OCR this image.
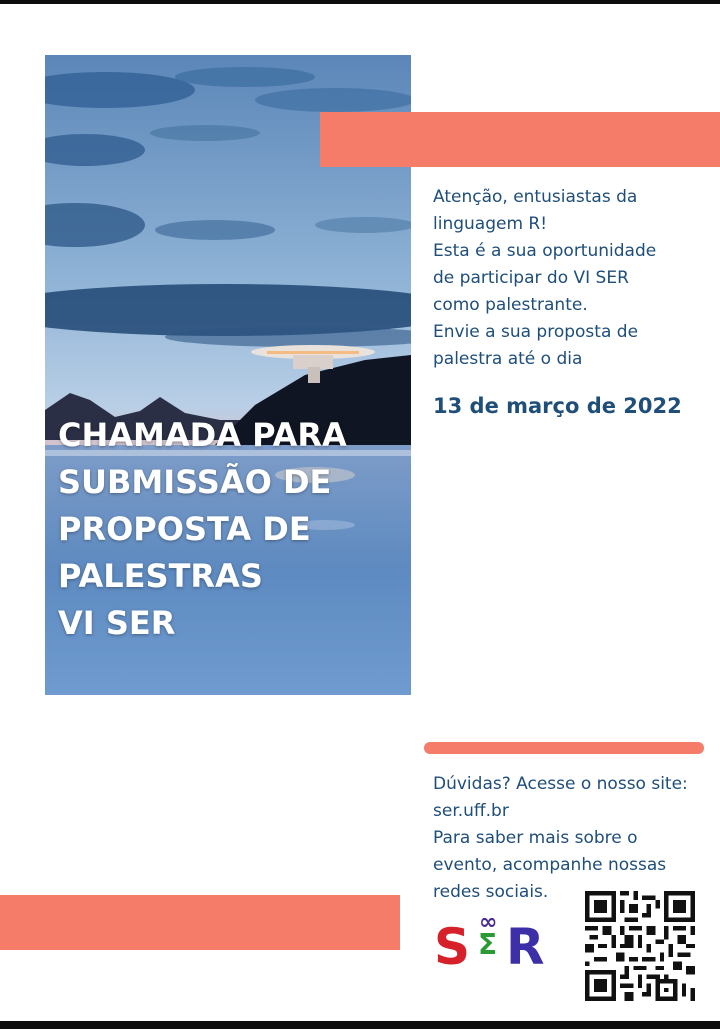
CHAMADA PARA
SUBMISSÃO DE
PROPOSTA DE
PALESTRAS
VI SER
Atenção, entusiastas da
linguagem R!
Esta é a sua oportunidade
de participar do VI SER
como palestrante.
Envie a sua proposta de
palestra até o dia
13 de março de 2022
Dúvidas? Acesse o nosso site:
ser.uff.br
Para saber mais sobre o
evento, acompanhe nossas
redes sociais.
S ∞
Σ R
